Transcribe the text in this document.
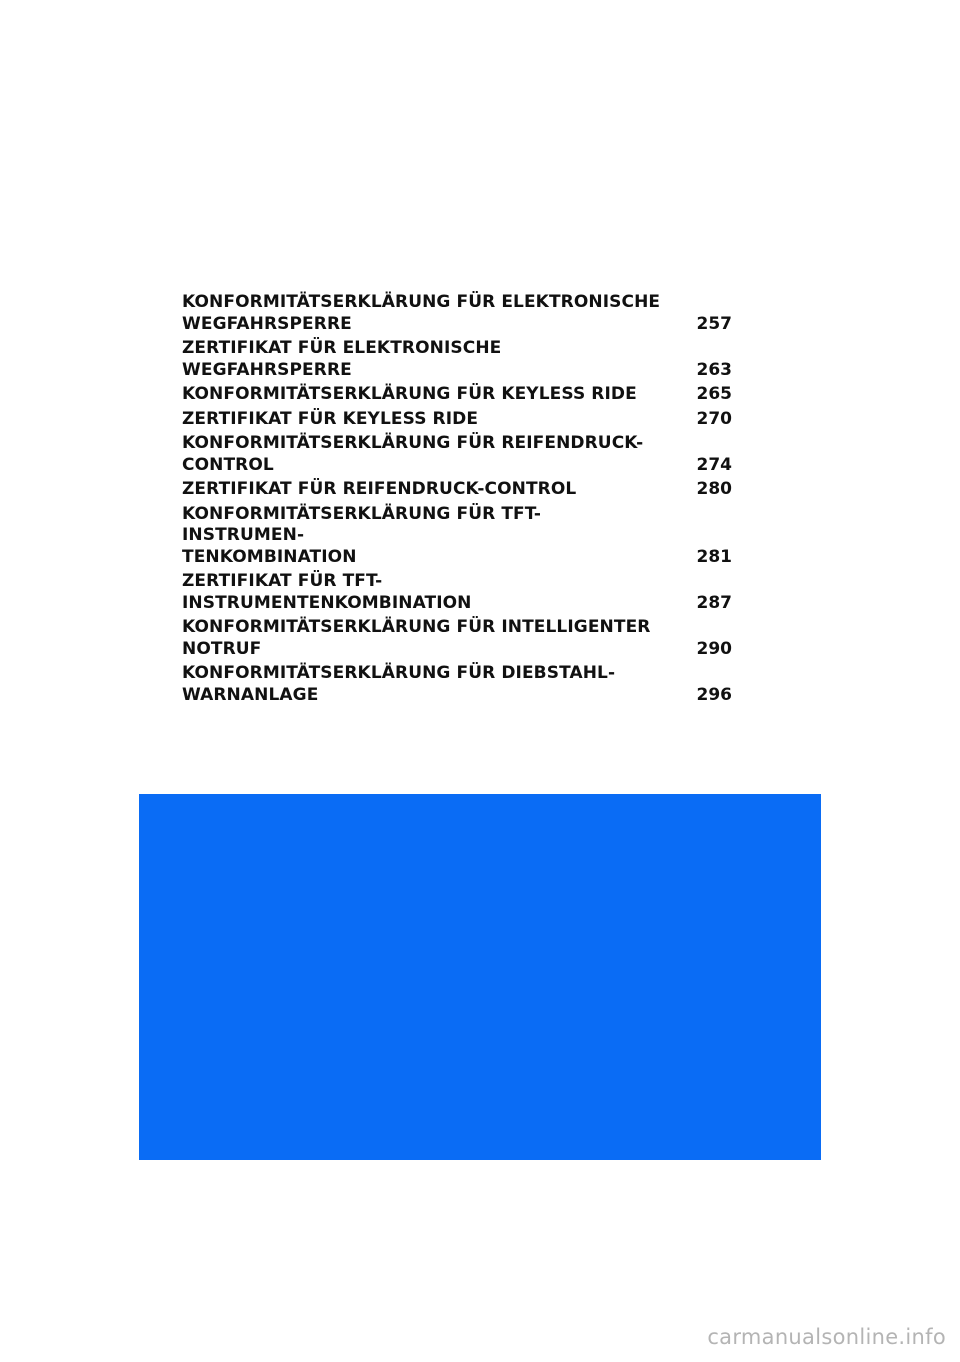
KONFORMITÄTSERKLÄRUNG FÜR ELEKTRONISCHE
WEGFAHRSPERRE	257
ZERTIFIKAT FÜR ELEKTRONISCHE WEGFAHRSPERRE	263
KONFORMITÄTSERKLÄRUNG FÜR KEYLESS RIDE	265
ZERTIFIKAT FÜR KEYLESS RIDE	270
KONFORMITÄTSERKLÄRUNG FÜR REIFENDRUCK-
CONTROL	274
ZERTIFIKAT FÜR REIFENDRUCK-CONTROL	280
KONFORMITÄTSERKLÄRUNG FÜR TFT-INSTRUMEN-
TENKOMBINATION	281
ZERTIFIKAT FÜR TFT-INSTRUMENTENKOMBINATION	287
KONFORMITÄTSERKLÄRUNG FÜR INTELLIGENTER
NOTRUF	290
KONFORMITÄTSERKLÄRUNG FÜR DIEBSTAHL-
WARNANLAGE	296
carmanualsonline.info
